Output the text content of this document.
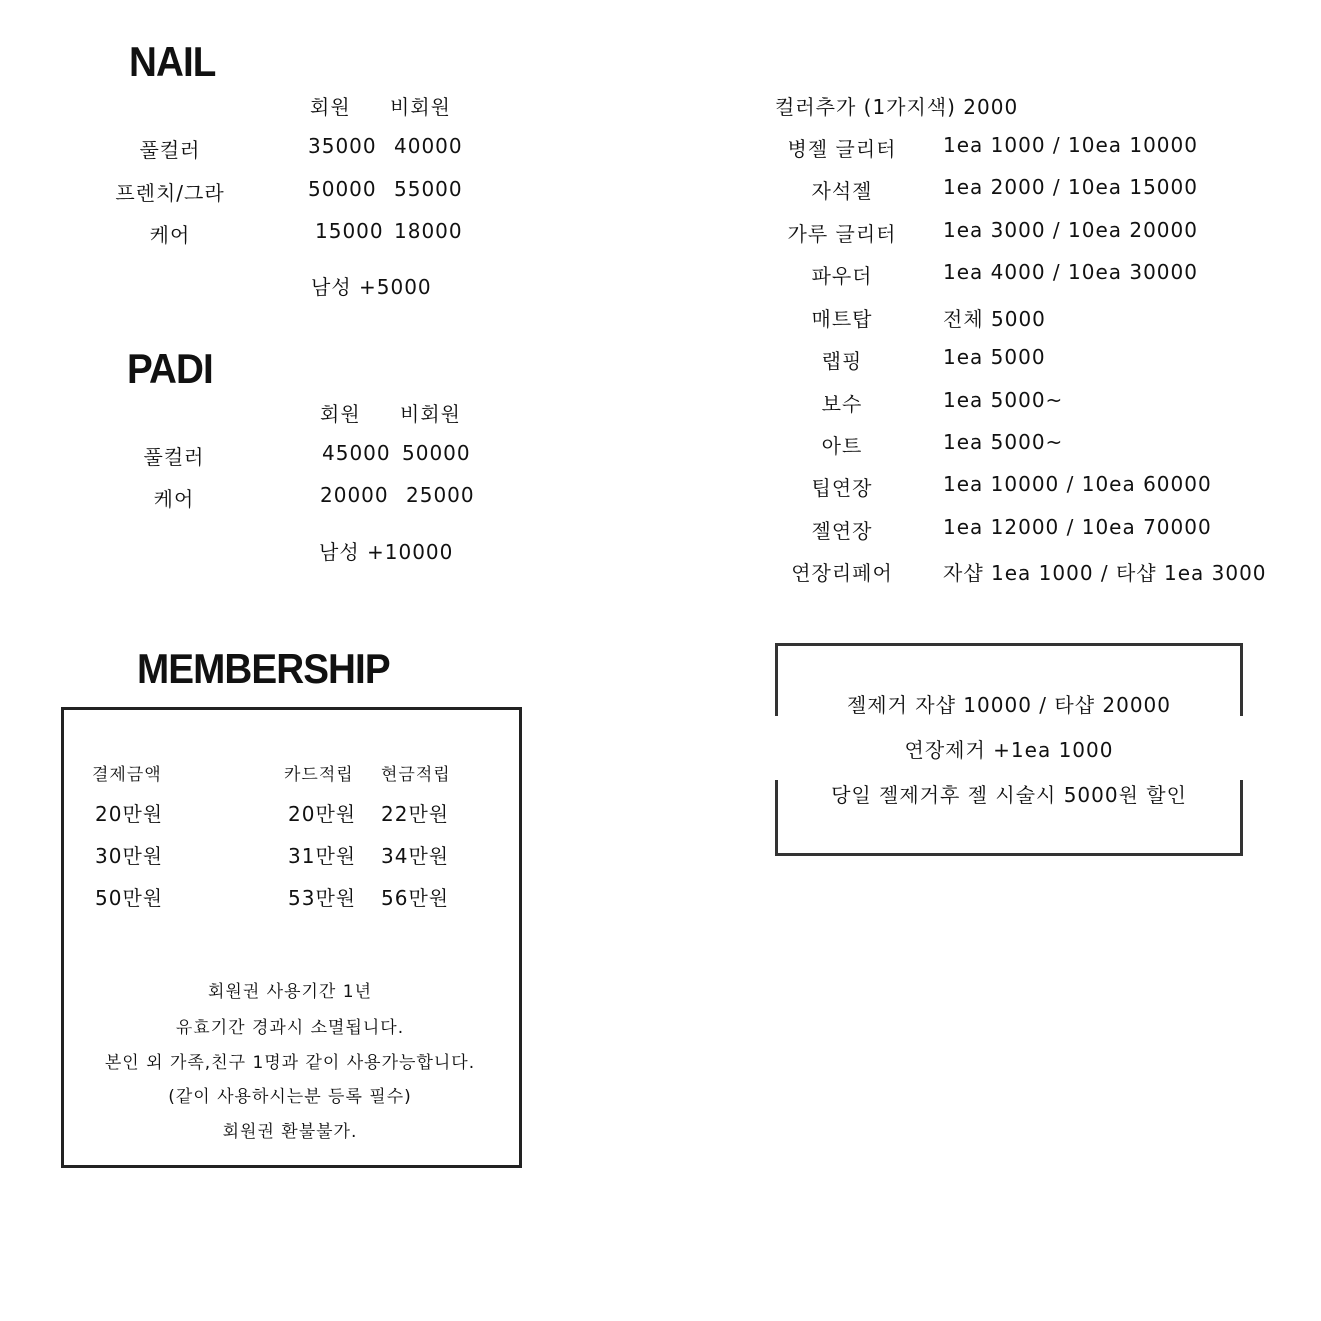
NAIL
회원 비회원
풀컬러	35000 40000
프렌치/그라	50000 55000
케어	15000 18000
남성 +5000
PADI
회원 비회원
풀컬러	45000 50000
케어	20000 25000
남성 +10000
컬러추가 (1가지색) 2000
병젤 글리터	1ea 1000 / 10ea 10000
자석젤	1ea 2000 / 10ea 15000
가루 글리터	1ea 3000 / 10ea 20000
파우더	1ea 4000 / 10ea 30000
매트탑	전체 5000
랩핑	1ea 5000
보수	1ea 5000~
아트	1ea 5000~
팁연장	1ea 10000 / 10ea 60000
젤연장	1ea 12000 / 10ea 70000
연장리페어	자샵 1ea 1000 / 타샵 1ea 3000
젤제거 자샵 10000 / 타샵 20000
연장제거 +1ea 1000
당일 젤제거후 젤 시술시 5000원 할인
MEMBERSHIP
결제금액	카드적립 현금적립
20만원	20만원 22만원
30만원	31만원 34만원
50만원	53만원 56만원
회원권 사용기간 1년
유효기간 경과시 소멸됩니다.
본인 외 가족,친구 1명과 같이 사용가능합니다.
(같이 사용하시는분 등록 필수)
회원권 환불불가.
